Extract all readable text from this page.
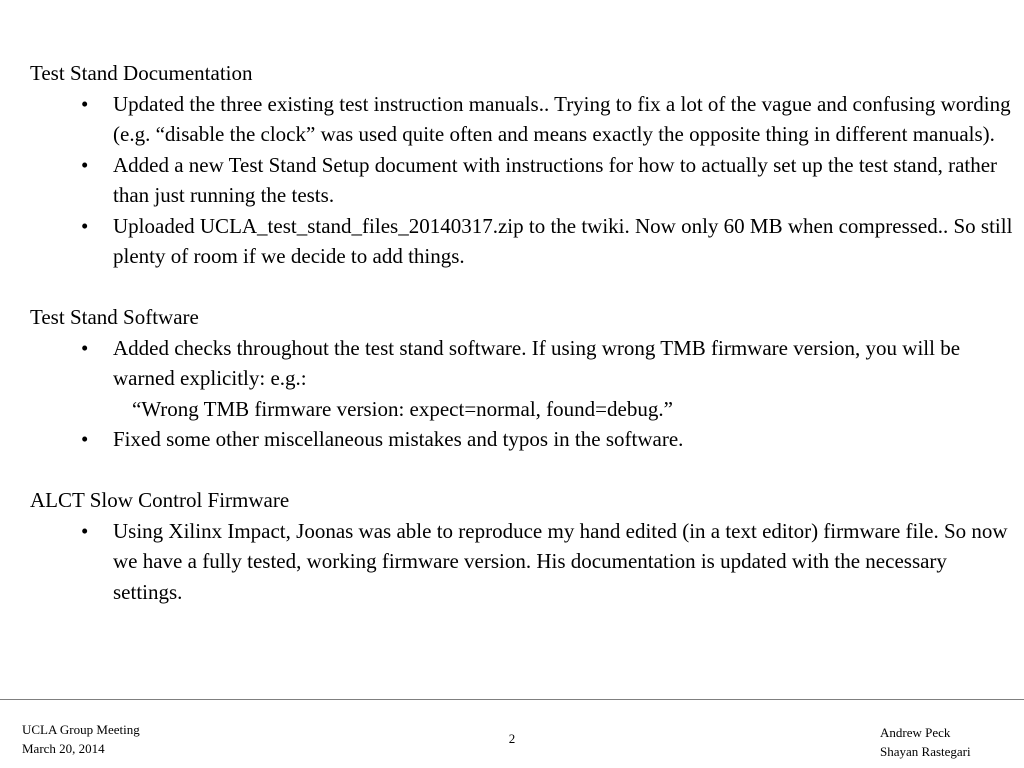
Test Stand Documentation
• Updated the three existing test instruction manuals.. Trying to fix a lot of the vague and confusing wording (e.g. “disable the clock” was used quite often and means exactly the opposite thing in different manuals).
• Added a new Test Stand Setup document with instructions for how to actually set up the test stand, rather than just running the tests.
• Uploaded UCLA_test_stand_files_20140317.zip to the twiki. Now only 60 MB when compressed.. So still plenty of room if we decide to add things.
Test Stand Software
• Added checks throughout the test stand software. If using wrong TMB firmware version, you will be warned explicitly: e.g.:
“Wrong TMB firmware version: expect=normal, found=debug.”
• Fixed some other miscellaneous mistakes and typos in the software.
ALCT Slow Control Firmware
• Using Xilinx Impact, Joonas was able to reproduce my hand edited (in a text editor) firmware file. So now we have a fully tested, working firmware version. His documentation is updated with the necessary settings.
UCLA Group Meeting
March 20, 2014
2	Andrew Peck
Shayan Rastegari
